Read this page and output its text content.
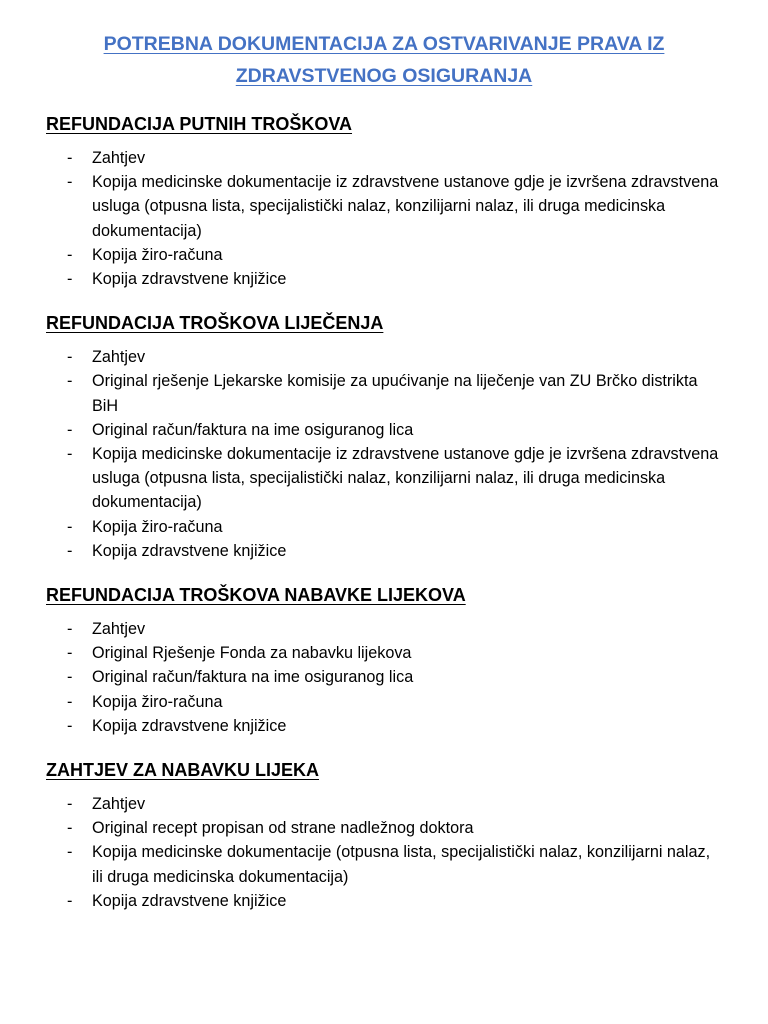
POTREBNA DOKUMENTACIJA ZA OSTVARIVANJE PRAVA IZ
ZDRAVSTVENOG OSIGURANJA
REFUNDACIJA PUTNIH TROŠKOVA
- Zahtjev
- Kopija medicinske dokumentacije iz zdravstvene ustanove gdje je izvršena zdravstvena usluga (otpusna lista, specijalistički nalaz, konzilijarni nalaz, ili druga medicinska dokumentacija)
- Kopija žiro-računa
- Kopija zdravstvene knjižice
REFUNDACIJA TROŠKOVA LIJEČENJA
- Zahtjev
- Original rješenje Ljekarske komisije za upućivanje na liječenje van ZU Brčko distrikta BiH
- Original račun/faktura na ime osiguranog lica
- Kopija medicinske dokumentacije iz zdravstvene ustanove gdje je izvršena zdravstvena usluga (otpusna lista, specijalistički nalaz, konzilijarni nalaz, ili druga medicinska dokumentacija)
- Kopija žiro-računa
- Kopija zdravstvene knjižice
REFUNDACIJA TROŠKOVA NABAVKE LIJEKOVA
- Zahtjev
- Original Rješenje Fonda za nabavku lijekova
- Original račun/faktura na ime osiguranog lica
- Kopija žiro-računa
- Kopija zdravstvene knjižice
ZAHTJEV ZA NABAVKU LIJEKA
- Zahtjev
- Original recept propisan od strane nadležnog doktora
- Kopija medicinske dokumentacije (otpusna lista, specijalistički nalaz, konzilijarni nalaz, ili druga medicinska dokumentacija)
- Kopija zdravstvene knjižice
